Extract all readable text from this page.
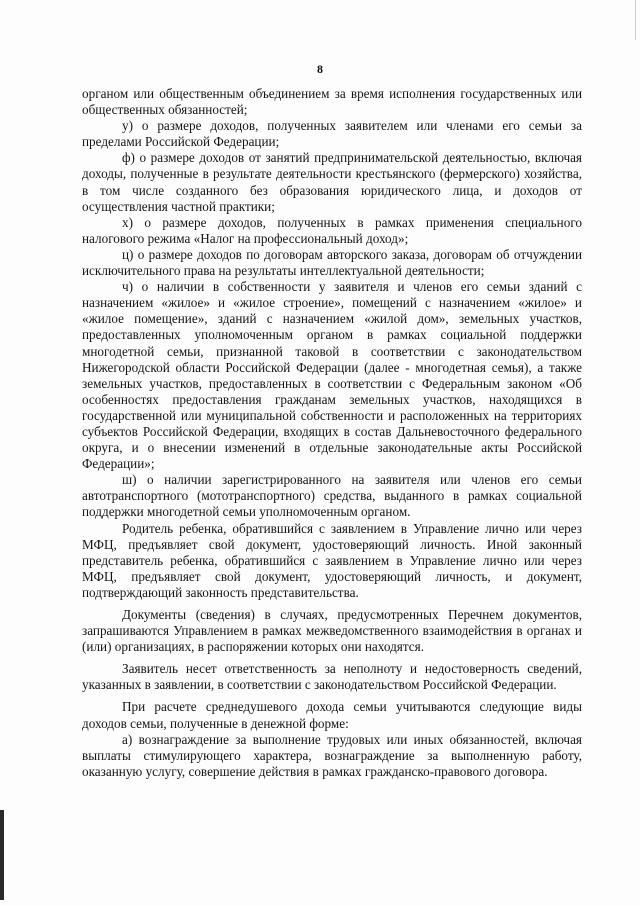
8

органом или общественным объединением за время исполнения государственных или общественных обязанностей;

у) о размере доходов, полученных заявителем или членами его семьи за пределами Российской Федерации;

ф) о размере доходов от занятий предпринимательской деятельностью, включая доходы, полученные в результате деятельности крестьянского (фермерского) хозяйства, в том числе созданного без образования юридического лица, и доходов от осуществления частной практики;

х) о размере доходов, полученных в рамках применения специального налогового режима «Налог на профессиональный доход»;

ц) о размере доходов по договорам авторского заказа, договорам об отчуждении исключительного права на результаты интеллектуальной деятельности;

ч) о наличии в собственности у заявителя и членов его семьи зданий с назначением «жилое» и «жилое строение», помещений с назначением «жилое» и «жилое помещение», зданий с назначением «жилой дом», земельных участков, предоставленных уполномоченным органом в рамках социальной поддержки многодетной семьи, признанной таковой в соответствии с законодательством Нижегородской области Российской Федерации (далее - многодетная семья), а также земельных участков, предоставленных в соответствии с Федеральным законом «Об особенностях предоставления гражданам земельных участков, находящихся в государственной или муниципальной собственности и расположенных на территориях субъектов Российской Федерации, входящих в состав Дальневосточного федерального округа, и о внесении изменений в отдельные законодательные акты Российской Федерации»;

ш) о наличии зарегистрированного на заявителя или членов его семьи автотранспортного (мототранспортного) средства, выданного в рамках социальной поддержки многодетной семьи уполномоченным органом.

Родитель ребенка, обратившийся с заявлением в Управление лично или через МФЦ, предъявляет свой документ, удостоверяющий личность. Иной законный представитель ребенка, обратившийся с заявлением в Управление лично или через МФЦ, предъявляет свой документ, удостоверяющий личность, и документ, подтверждающий законность представительства.

Документы (сведения) в случаях, предусмотренных Перечнем документов, запрашиваются Управлением в рамках межведомственного взаимодействия в органах и (или) организациях, в распоряжении которых они находятся.

Заявитель несет ответственность за неполноту и недостоверность сведений, указанных в заявлении, в соответствии с законодательством Российской Федерации.

При расчете среднедушевого дохода семьи учитываются следующие виды доходов семьи, полученные в денежной форме:

а) вознаграждение за выполнение трудовых или иных обязанностей, включая выплаты стимулирующего характера, вознаграждение за выполненную работу, оказанную услугу, совершение действия в рамках гражданско-правового договора.
